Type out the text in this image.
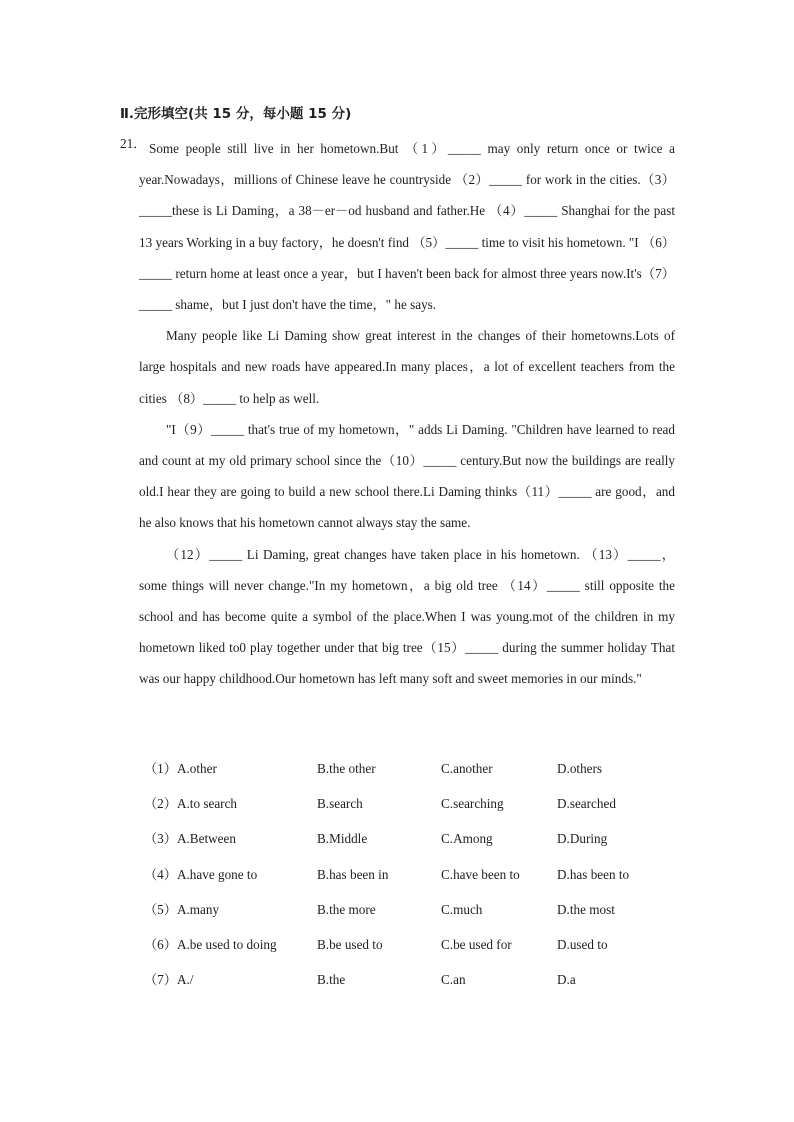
Ⅱ.完形填空(共 15 分，每小题 15 分)
21． Some people still live in her hometown.But （1）_____ may only return once or twice a year.Nowadays，millions of Chinese leave he countryside （2）_____ for work in the cities.（3）_____these is Li Daming，a 38－er－od husband and father.He （4）_____ Shanghai for the past 13 years Working in a buy factory，he doesn't find （5）_____ time to visit his hometown. "I （6）_____ return home at least once a year，but I haven't been back for almost three years now.It's（7）_____ shame，but I just don't have the time，" he says.

Many people like Li Daming show great interest in the changes of their hometowns.Lots of large hospitals and new roads have appeared.In many places，a lot of excellent teachers from the cities （8）_____ to help as well.

"I（9）_____ that's true of my hometown，" adds Li Daming. "Children have learned to read and count at my old primary school since the（10）_____ century.But now the buildings are really old.I hear they are going to build a new school there.Li Daming thinks（11）_____ are good，and he also knows that his hometown cannot always stay the same.

（12）_____ Li Daming, great changes have taken place in his hometown. （13）_____，some things will never change."In my hometown，a big old tree （14）_____ still opposite the school and has become quite a symbol of the place.When I was young.mot of the children in my hometown liked to0 play together under that big tree（15）_____ during the summer holiday That was our happy childhood.Our hometown has left many soft and sweet memories in our minds."

（1）A.other	B.the other	C.another	D.others
（2）A.to search	B.search	C.searching	D.searched
（3）A.Between	B.Middle	C.Among	D.During
（4）A.have gone to	B.has been in	C.have been to	D.has been to
（5）A.many	B.the more	C.much	D.the most
（6）A.be used to doing	B.be used to	C.be used for	D.used to
（7）A./	B.the	C.an	D.a
